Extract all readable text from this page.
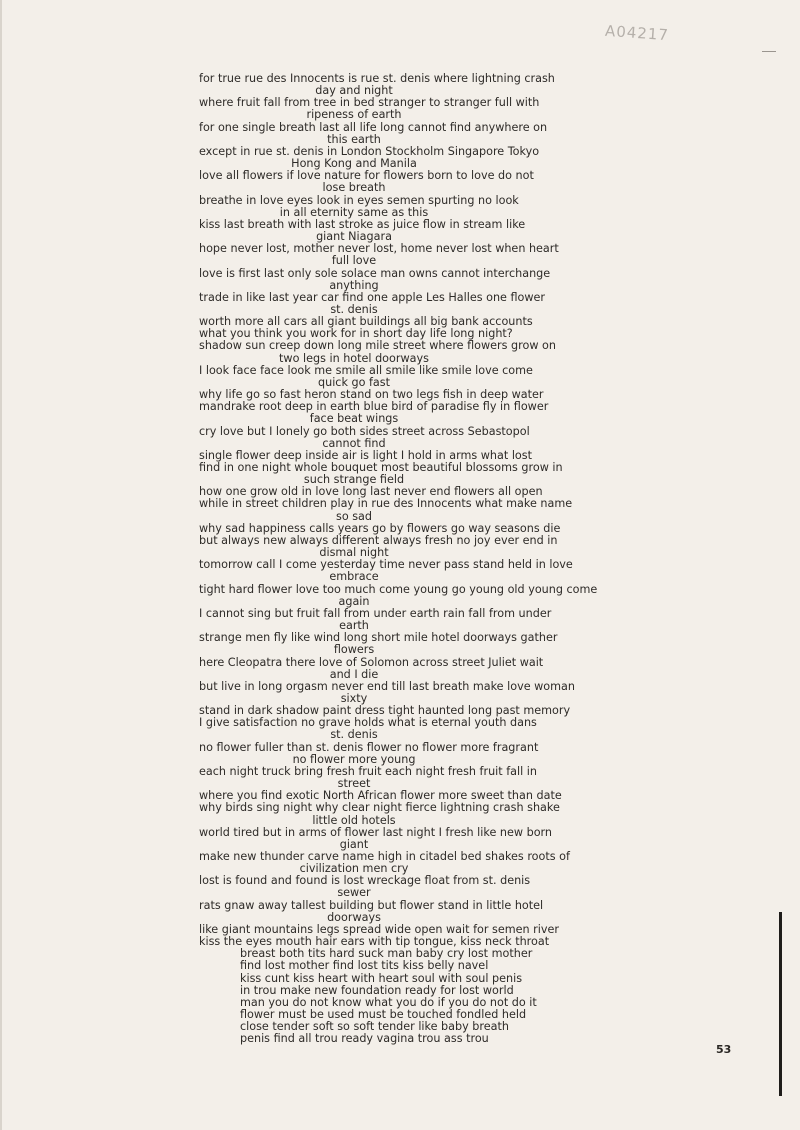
A04217
for true rue des Innocents is rue st. denis where lightning crash
day and night
where fruit fall from tree in bed stranger to stranger full with
ripeness of earth
for one single breath last all life long cannot find anywhere on
this earth
except in rue st. denis in London Stockholm Singapore Tokyo
Hong Kong and Manila
love all flowers if love nature for flowers born to love do not
lose breath
breathe in love eyes look in eyes semen spurting no look
in all eternity same as this
kiss last breath with last stroke as juice flow in stream like
giant Niagara
hope never lost, mother never lost, home never lost when heart
full love
love is first last only sole solace man owns cannot interchange
anything
trade in like last year car find one apple Les Halles one flower
st. denis
worth more all cars all giant buildings all big bank accounts
what you think you work for in short day life long night?
shadow sun creep down long mile street where flowers grow on
two legs in hotel doorways
I look face face look me smile all smile like smile love come
quick go fast
why life go so fast heron stand on two legs fish in deep water
mandrake root deep in earth blue bird of paradise fly in flower
face beat wings
cry love but I lonely go both sides street across Sebastopol
cannot find
single flower deep inside air is light I hold in arms what lost
find in one night whole bouquet most beautiful blossoms grow in
such strange field
how one grow old in love long last never end flowers all open
while in street children play in rue des Innocents what make name
so sad
why sad happiness calls years go by flowers go way seasons die
but always new always different always fresh no joy ever end in
dismal night
tomorrow call I come yesterday time never pass stand held in love
embrace
tight hard flower love too much come young go young old young come
again
I cannot sing but fruit fall from under earth rain fall from under
earth
strange men fly like wind long short mile hotel doorways gather
flowers
here Cleopatra there love of Solomon across street Juliet wait
and I die
but live in long orgasm never end till last breath make love woman
sixty
stand in dark shadow paint dress tight haunted long past memory
I give satisfaction no grave holds what is eternal youth dans
st. denis
no flower fuller than st. denis flower no flower more fragrant
no flower more young
each night truck bring fresh fruit each night fresh fruit fall in
street
where you find exotic North African flower more sweet than date
why birds sing night why clear night fierce lightning crash shake
little old hotels
world tired but in arms of flower last night I fresh like new born
giant
make new thunder carve name high in citadel bed shakes roots of
civilization men cry
lost is found and found is lost wreckage float from st. denis
sewer
rats gnaw away tallest building but flower stand in little hotel
doorways
like giant mountains legs spread wide open wait for semen river
kiss the eyes mouth hair ears with tip tongue, kiss neck throat
breast both tits hard suck man baby cry lost mother
find lost mother find lost tits kiss belly navel
kiss cunt kiss heart with heart soul with soul penis
in trou make new foundation ready for lost world
man you do not know what you do if you do not do it
flower must be used must be touched fondled held
close tender soft so soft tender like baby breath
penis find all trou ready vagina trou ass trou
53
